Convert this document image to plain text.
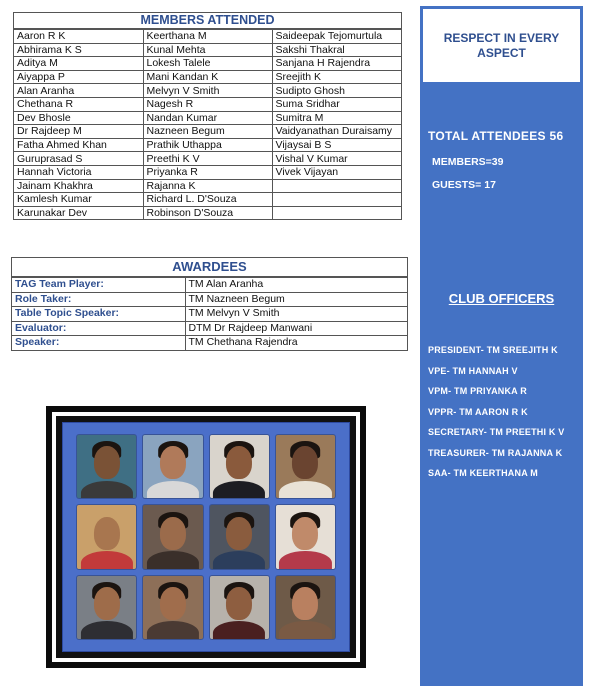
MEMBERS ATTENDED
Aaron R K	Keerthana M	Saideepak Tejomurtula
Abhirama K S	Kunal Mehta	Sakshi Thakral
Aditya M	Lokesh Talele	Sanjana H Rajendra
Aiyappa P	Mani Kandan K	Sreejith K
Alan Aranha	Melvyn V Smith	Sudipto Ghosh
Chethana R	Nagesh R	Suma Sridhar
Dev Bhosle	Nandan Kumar	Sumitra M
Dr Rajdeep M	Nazneen Begum	Vaidyanathan Duraisamy
Fatha Ahmed Khan	Prathik Uthappa	Vijaysai B S
Guruprasad S	Preethi K V	Vishal V Kumar
Hannah Victoria	Priyanka R	Vivek Vijayan
Jainam Khakhra	Rajanna K	
Kamlesh Kumar	Richard L. D'Souza	
Karunakar Dev	Robinson D'Souza	
AWARDEES
TAG Team Player:	TM Alan Aranha
Role Taker:	TM Nazneen Begum
Table Topic Speaker:	TM Melvyn V Smith
Evaluator:	DTM Dr Rajdeep Manwani
Speaker:	TM Chethana Rajendra
RESPECT IN EVERY ASPECT
TOTAL ATTENDEES 56
MEMBERS=39
GUESTS= 17
CLUB OFFICERS
PRESIDENT- TM SREEJITH K
VPE- TM HANNAH V
VPM- TM PRIYANKA R
VPPR- TM AARON R K
SECRETARY- TM PREETHI K V
TREASURER- TM RAJANNA K
SAA- TM KEERTHANA M
